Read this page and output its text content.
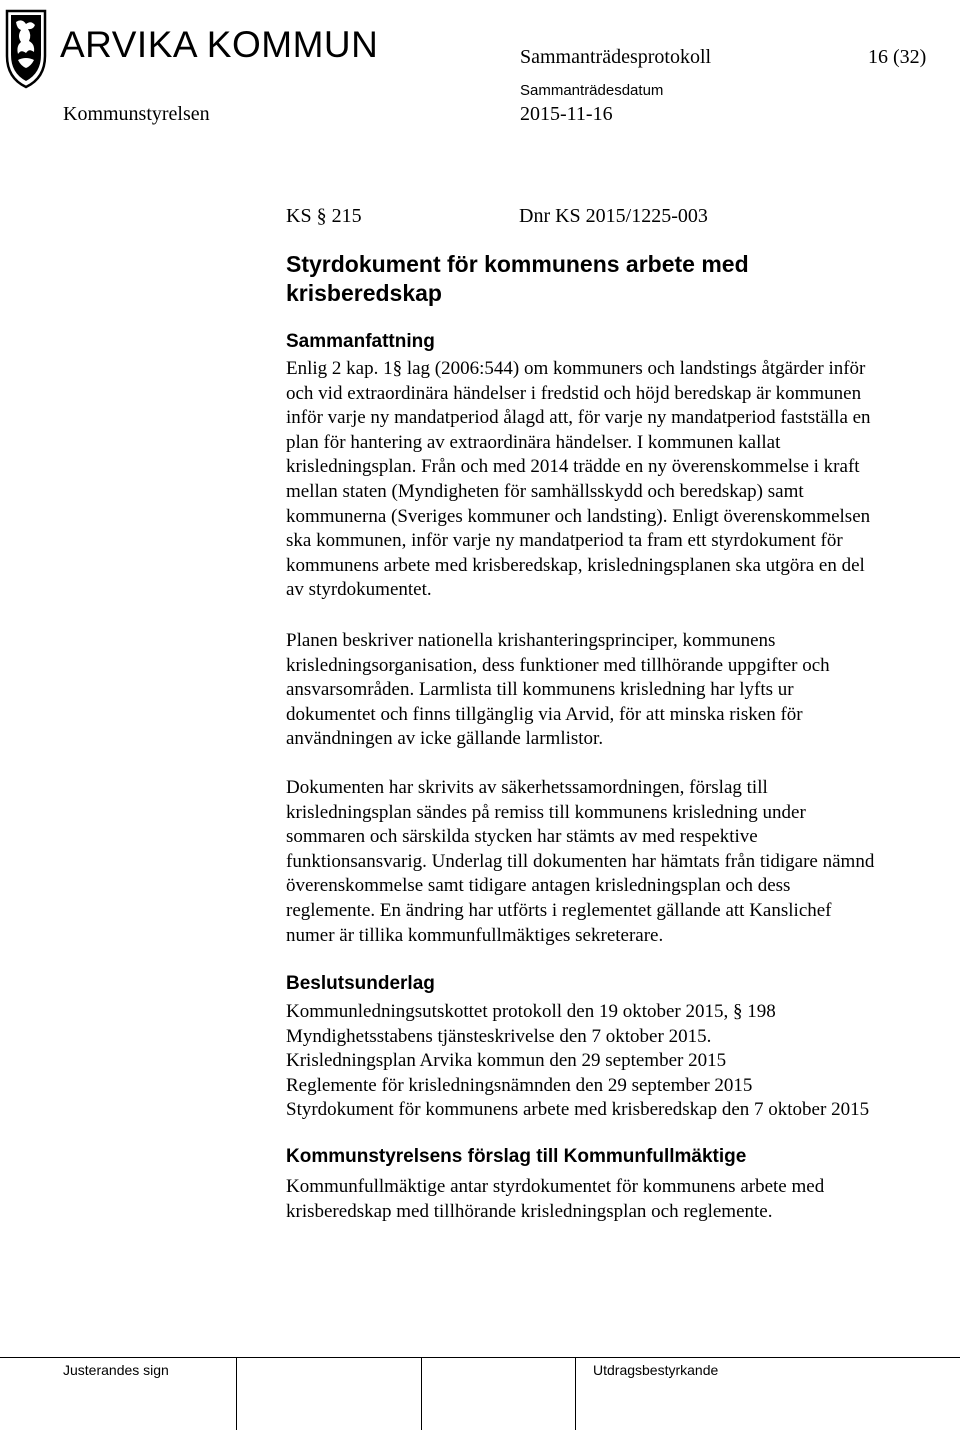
ARVIKA KOMMUN	Sammanträdesprotokoll	16 (32)
Kommunstyrelsen
Sammanträdesdatum
2015-11-16
KS § 215	Dnr KS 2015/1225-003
Styrdokument för kommunens arbete med krisberedskap
Sammanfattning
Enlig 2 kap. 1§ lag (2006:544) om kommuners och landstings åtgärder inför
och vid extraordinära händelser i fredstid och höjd beredskap är kommunen
inför varje ny mandatperiod ålagd att, för varje ny mandatperiod fastställa en
plan för hantering av extraordinära händelser. I kommunen kallat
krisledningsplan. Från och med 2014 trädde en ny överenskommelse i kraft
mellan staten (Myndigheten för samhällsskydd och beredskap) samt
kommunerna (Sveriges kommuner och landsting). Enligt överenskommelsen
ska kommunen, inför varje ny mandatperiod ta fram ett styrdokument för
kommunens arbete med krisberedskap, krisledningsplanen ska utgöra en del
av styrdokumentet.
Planen beskriver nationella krishanteringsprinciper, kommunens
krisledningsorganisation, dess funktioner med tillhörande uppgifter och
ansvarsområden. Larmlista till kommunens krisledning har lyfts ur
dokumentet och finns tillgänglig via Arvid, för att minska risken för
användningen av icke gällande larmlistor.
Dokumenten har skrivits av säkerhetssamordningen, förslag till
krisledningsplan sändes på remiss till kommunens krisledning under
sommaren och särskilda stycken har stämts av med respektive
funktionsansvarig. Underlag till dokumenten har hämtats från tidigare nämnd
överenskommelse samt tidigare antagen krisledningsplan och dess
reglemente. En ändring har utförts i reglementet gällande att Kanslichef
numer är tillika kommunfullmäktiges sekreterare.
Beslutsunderlag
Kommunledningsutskottet protokoll den 19 oktober 2015, § 198
Myndighetsstabens tjänsteskrivelse den 7 oktober 2015.
Krisledningsplan Arvika kommun den 29 september 2015
Reglemente för krisledningsnämnden den 29 september 2015
Styrdokument för kommunens arbete med krisberedskap den 7 oktober 2015
Kommunstyrelsens förslag till Kommunfullmäktige
Kommunfullmäktige antar styrdokumentet för kommunens arbete med
krisberedskap med tillhörande krisledningsplan och reglemente.
Justerandes sign	Utdragsbestyrkande
